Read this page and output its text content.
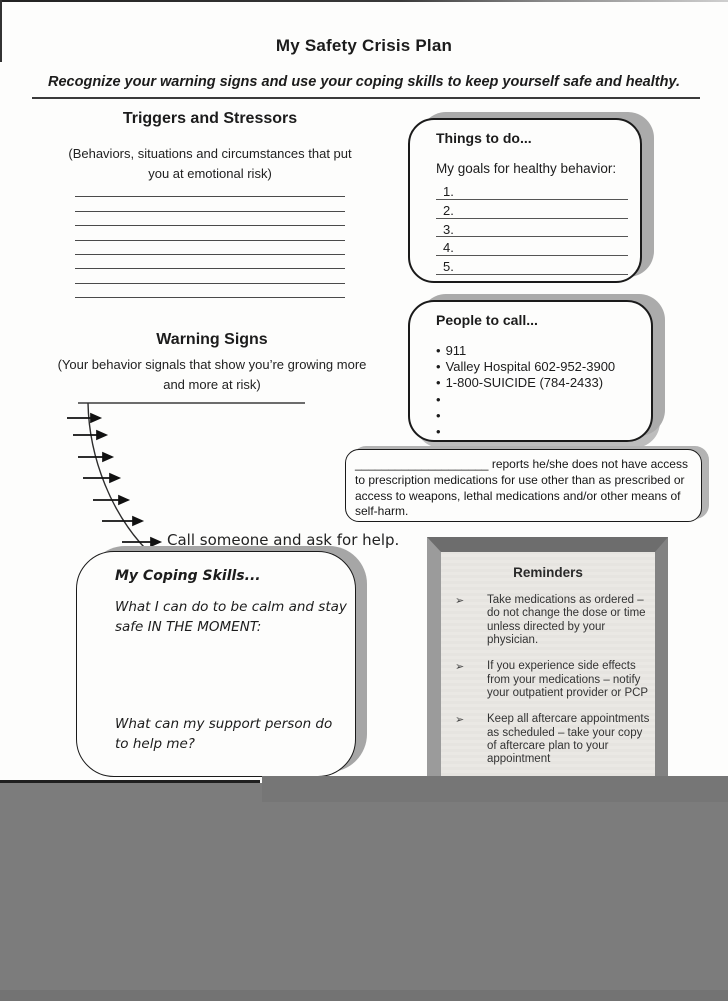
My Safety Crisis Plan
Recognize your warning signs and use your coping skills to keep yourself safe and healthy.
Triggers and Stressors
(Behaviors, situations and circumstances that put you at emotional risk)
Warning Signs
(Your behavior signals that show you’re growing more and more at risk)
Call someone and ask for help.
Things to do...
My goals for healthy behavior:
1.
2.
3.
4.
5.
People to call...
• 911
• Valley Hospital 602-952-3900
• 1-800-SUICIDE (784-2433)
•
•
•
____________________ reports he/she does not have access to prescription medications for use other than as prescribed or access to weapons, lethal medications and/or other means of self-harm.
My Coping Skills...
What I can do to be calm and stay safe IN THE MOMENT:
What can my support person do to help me?
Reminders
➢	Take medications as ordered – do not change the dose or time unless directed by your physician.
➢	If you experience side effects from your medications – notify your outpatient provider or PCP
➢	Keep all aftercare appointments as scheduled – take your copy of aftercare plan to your appointment
